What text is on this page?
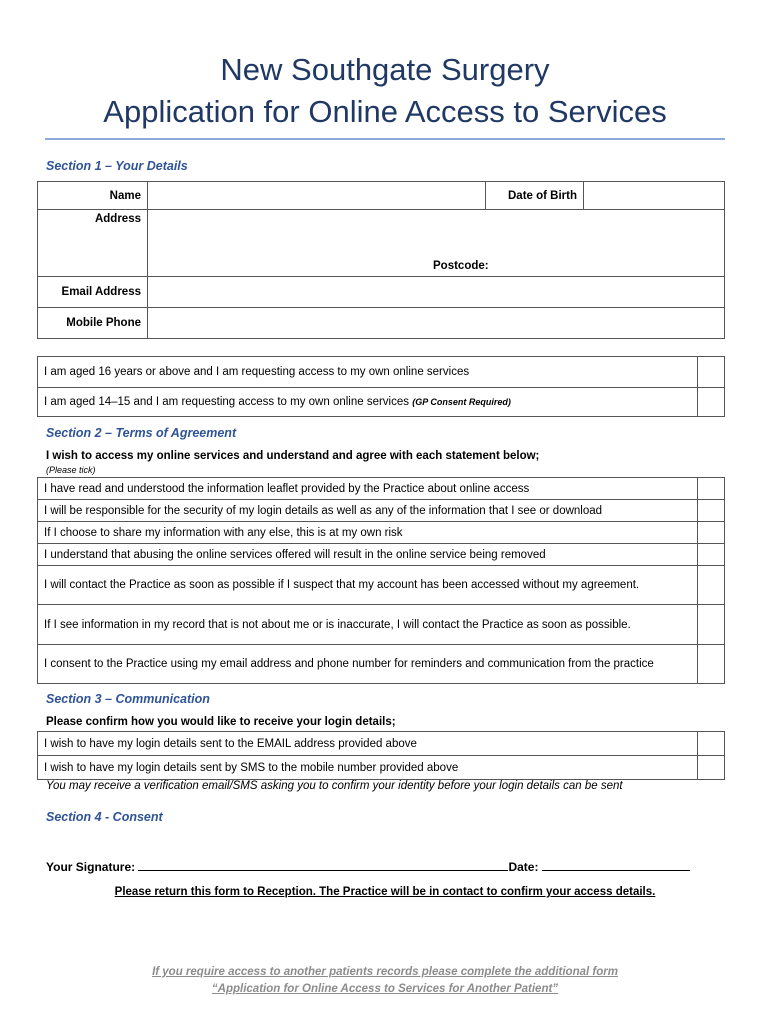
New Southgate Surgery
Application for Online Access to Services
Section 1 – Your Details
Name		Date of Birth	
Address	Postcode:		

Email Address			
Mobile Phone			
I am aged 16 years or above and I am requesting access to my own online services	
I am aged 14–15 and I am requesting access to my own online services (GP Consent Required)	
Section 2 – Terms of Agreement
I wish to access my online services and understand and agree with each statement below;
(Please tick)
I have read and understood the information leaflet provided by the Practice about online access	
I will be responsible for the security of my login details as well as any of the information that I see or download	
If I choose to share my information with any else, this is at my own risk	
I understand that abusing the online services offered will result in the online service being removed	
I will contact the Practice as soon as possible if I suspect that my account has been accessed without my agreement.	
If I see information in my record that is not about me or is inaccurate, I will contact the Practice as soon as possible.	
I consent to the Practice using my email address and phone number for reminders and communication from the practice	
Section 3 – Communication
Please confirm how you would like to receive your login details;
I wish to have my login details sent to the EMAIL address provided above	
I wish to have my login details sent by SMS to the mobile number provided above	
You may receive a verification email/SMS asking you to confirm your identity before your login details can be sent
Section 4 - Consent
Your Signature:	Date:
Please return this form to Reception. The Practice will be in contact to confirm your access details.
If you require access to another patients records please complete the additional form
“Application for Online Access to Services for Another Patient”
